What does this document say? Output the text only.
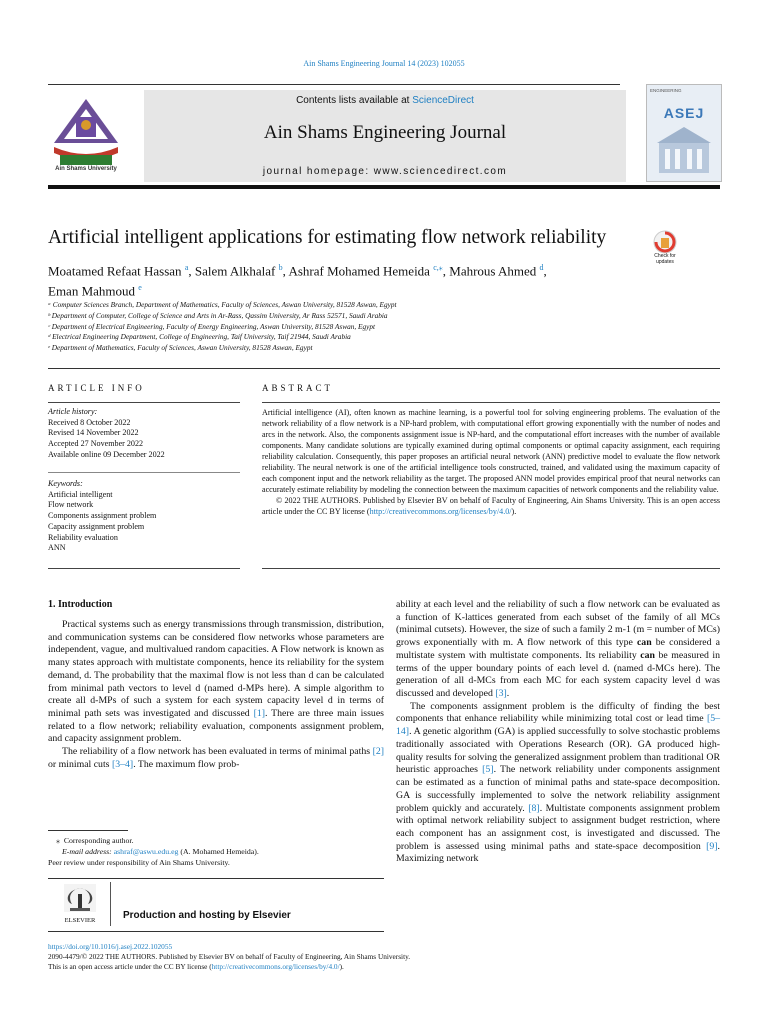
Ain Shams Engineering Journal 14 (2023) 102055
Ain Shams University
Contents lists available at ScienceDirect
Ain Shams Engineering Journal
journal homepage: www.sciencedirect.com
ENGINEERING
ASEJ
Artificial intelligent applications for estimating flow network reliability
Check for updates
Moatamed Refaat Hassan $^a$, Salem Alkhalaf $^b$, Ashraf Mohamed Hemeida $^{c,⁎}$, Mahrous Ahmed $^d$,
Eman Mahmoud $^e$
ᵃ Computer Sciences Branch, Department of Mathematics, Faculty of Sciences, Aswan University, 81528 Aswan, Egypt
ᵇ Department of Computer, College of Science and Arts in Ar-Rass, Qassim University, Ar Rass 52571, Saudi Arabia
ᶜ Department of Electrical Engineering, Faculty of Energy Engineering, Aswan University, 81528 Aswan, Egypt
ᵈ Electrical Engineering Department, College of Engineering, Taif University, Taif 21944, Saudi Arabia
ᵉ Department of Mathematics, Faculty of Sciences, Aswan University, 81528 Aswan, Egypt
ARTICLE INFO	ABSTRACT
Article history:
Received 8 October 2022
Revised 14 November 2022
Accepted 27 November 2022
Available online 09 December 2022
Keywords:
Artificial intelligent
Flow network
Components assignment problem
Capacity assignment problem
Reliability evaluation
ANN

Artificial intelligence (AI), often known as machine learning, is a powerful tool for solving engineering problems. The evaluation of the network reliability of a flow network is a NP-hard problem, with computational effort growing exponentially with the number of nodes and arcs in the network. Also, the components assignment issue is NP-hard, and the computational effort increases with the number of available components. Many candidate solutions are typically examined during optimal components or optimal capacity assignment, each requiring reliability calculation. Consequently, this paper proposes an artificial neural network (ANN) predictive model to evaluate the flow network reliability. The neural network is one of the artificial intelligence tools constructed, trained, and validated using the maximum capacity of each component input and the network reliability as the target. The proposed ANN model provides empirical proof that neural networks can accurately estimate reliability by modeling the connection between the maximum capacities of network components and the reliability value.

© 2022 THE AUTHORS. Published by Elsevier BV on behalf of Faculty of Engineering, Ain Shams University. This is an open access article under the CC BY license (http://creativecommons.org/licenses/by/4.0/).

1. Introduction

Practical systems such as energy transmissions through transmission, distribution, and communication systems can be considered flow networks whose parameters are independent, vague, and multivalued random capacities. A Flow network is known as many states approach with multistate components, hence its reliability for the system demand, d. The probability that the maximal flow is not less than d can be calculated from minimal path vectors to level d (named d-MPs here). A simple algorithm to create all d-MPs of such a system for each system capacity level d in terms of minimal path sets was investigated and discussed [1]. There are three main issues related to a flow network; reliability evaluation, components assignment problem, and capacity assignment problem.

The reliability of a flow network has been evaluated in terms of minimal paths [2] or minimal cuts [3–4]. The maximum flow prob-

ability at each level and the reliability of such a flow network can be evaluated as a function of K-lattices generated from each subset of the family of all MCs (minimal cutsets). However, the size of such a family 2 m-1 (m = number of MCs) grows exponentially with m. A flow network of this type can be considered a multistate system with multistate components. Its reliability can be measured in terms of the upper boundary points of each level d. (named d-MCs here). The generation of all d-MCs from each MC for each system capacity level d was discussed and developed [3].

The components assignment problem is the difficulty of finding the best components that enhance reliability while minimizing total cost or lead time [5–14]. A genetic algorithm (GA) is applied successfully to solve stochastic problems traditionally associated with Operations Research (OR). GA produced high-quality results for solving the generalized assignment problem than traditional OR heuristic approaches [5]. The network reliability under components assignment can be estimated as a function of minimal paths and state-space decomposition. GA is successfully implemented to solve the network reliability assignment problem quickly and accurately. [8]. Multistate components assignment problem with optimal network reliability subject to assignment budget restriction, where each component has an assignment cost, is investigated and discussed. The problem is assessed using minimal paths and state-space decomposition [9]. Maximizing network

⁎ Corresponding author.
E-mail address: ashraf@aswu.edu.eg (A. Mohamed Hemeida).
Peer review under responsibility of Ain Shams University.
ELSEVIER	Production and hosting by Elsevier
https://doi.org/10.1016/j.asej.2022.102055
2090-4479/© 2022 THE AUTHORS. Published by Elsevier BV on behalf of Faculty of Engineering, Ain Shams University.
This is an open access article under the CC BY license (http://creativecommons.org/licenses/by/4.0/).
